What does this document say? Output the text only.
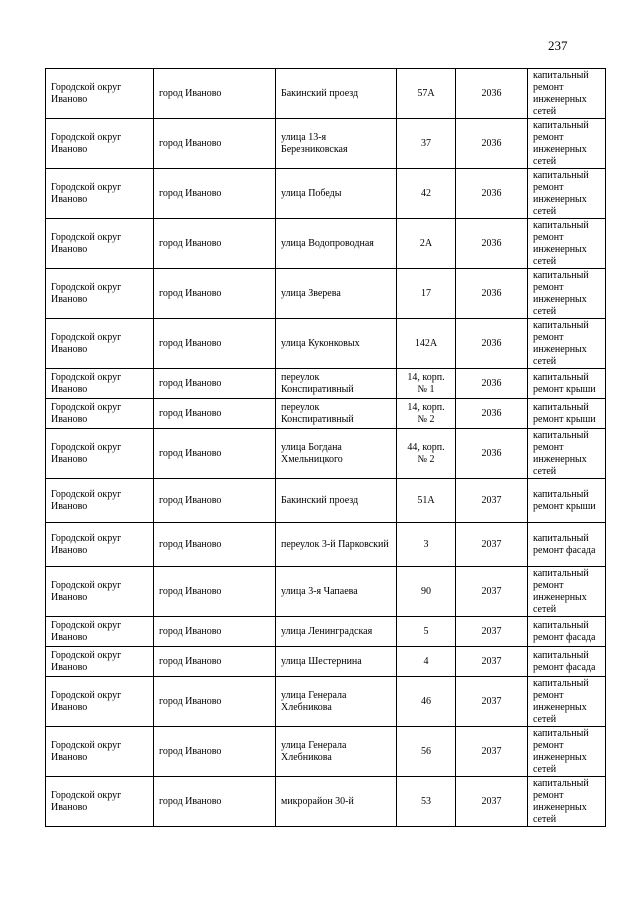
237
Городской округ Иваново	город Иваново	Бакинский проезд	57А	2036	капитальный ремонт инженерных сетей
Городской округ Иваново	город Иваново	улица 13-я Березниковская	37	2036	капитальный ремонт инженерных сетей
Городской округ Иваново	город Иваново	улица Победы	42	2036	капитальный ремонт инженерных сетей
Городской округ Иваново	город Иваново	улица Водопроводная	2А	2036	капитальный ремонт инженерных сетей
Городской округ Иваново	город Иваново	улица Зверева	17	2036	капитальный ремонт инженерных сетей
Городской округ Иваново	город Иваново	улица Куконковых	142А	2036	капитальный ремонт инженерных сетей
Городской округ Иваново	город Иваново	переулок Конспиративный	14, корп. № 1	2036	капитальный ремонт крыши
Городской округ Иваново	город Иваново	переулок Конспиративный	14, корп. № 2	2036	капитальный ремонт крыши
Городской округ Иваново	город Иваново	улица Богдана Хмельницкого	44, корп. № 2	2036	капитальный ремонт инженерных сетей
Городской округ Иваново	город Иваново	Бакинский проезд	51А	2037	капитальный ремонт крыши
Городской округ Иваново	город Иваново	переулок 3-й Парковский	3	2037	капитальный ремонт фасада
Городской округ Иваново	город Иваново	улица 3-я Чапаева	90	2037	капитальный ремонт инженерных сетей
Городской округ Иваново	город Иваново	улица Ленинградская	5	2037	капитальный ремонт фасада
Городской округ Иваново	город Иваново	улица Шестернина	4	2037	капитальный ремонт фасада
Городской округ Иваново	город Иваново	улица Генерала Хлебникова	46	2037	капитальный ремонт инженерных сетей
Городской округ Иваново	город Иваново	улица Генерала Хлебникова	56	2037	капитальный ремонт инженерных сетей
Городской округ Иваново	город Иваново	микрорайон 30-й	53	2037	капитальный ремонт инженерных сетей
